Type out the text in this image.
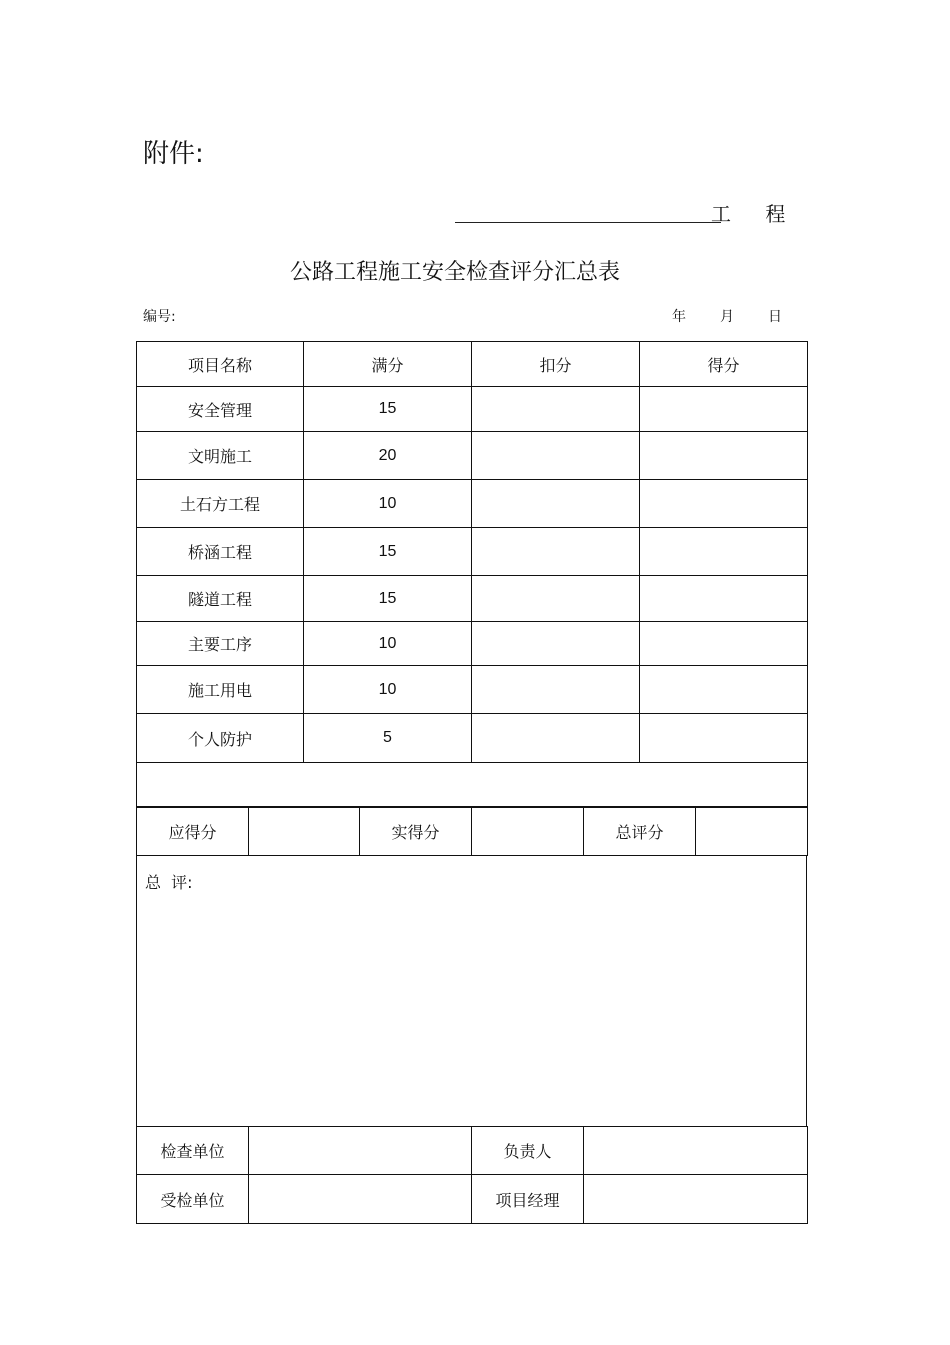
附件:
工 程
公路工程施工安全检查评分汇总表
编号:	年 月 日
项目名称	满分	扣分	得分
安全管理	15		
文明施工	20		
土石方工程	10		
桥涵工程	15		
隧道工程	15		
主要工序	10		
施工用电	10		
个人防护	5		

应得分		实得分		总评分	
总  评:
检查单位		负责人	
受检单位		项目经理	
